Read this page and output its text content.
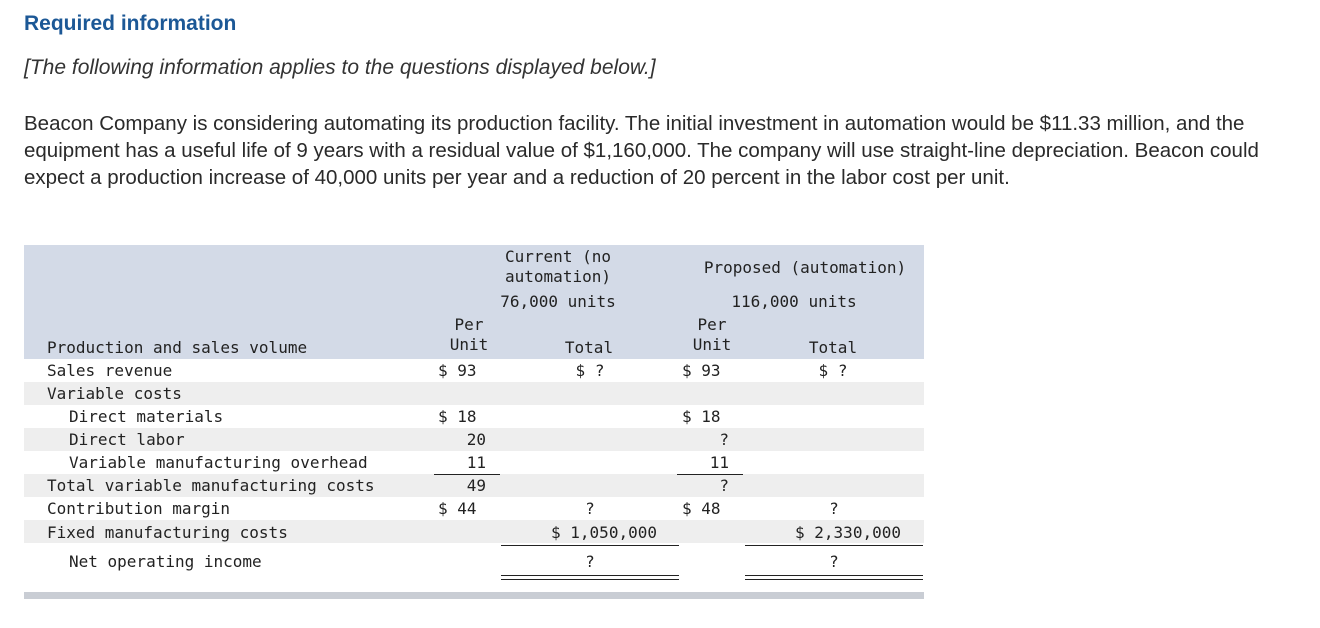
Required information
[The following information applies to the questions displayed below.]
Beacon Company is considering automating its production facility. The initial investment in automation would be $11.33 million, and the equipment has a useful life of 9 years with a residual value of $1,160,000. The company will use straight-line depreciation. Beacon could expect a production increase of 40,000 units per year and a reduction of 20 percent in the labor cost per unit.
Current (no
automation)
76,000 units
Proposed (automation)
116,000 units
Per
Unit	Total
Per
Unit	Total
Production and sales volume
Sales revenue
Variable costs
Direct materials
Direct labor
Variable manufacturing overhead
Total variable manufacturing costs
Contribution margin
Fixed manufacturing costs
Net operating income
$ 93
$ 18
20
11
49
$ 44
$ ?
?
$ 1,050,000
?
$ 93
$ 18
?
11
?
$ 48
$ ?
?
$ 2,330,000
?
